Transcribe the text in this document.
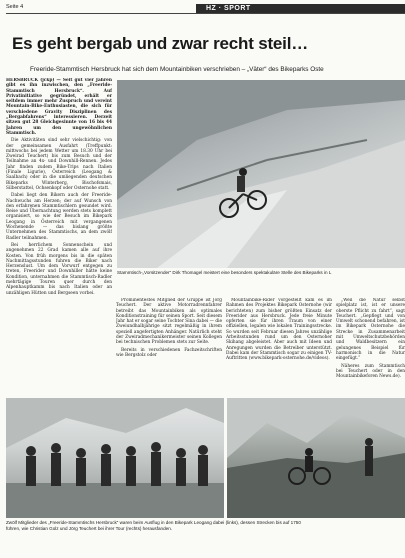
Seite 4	HZ · SPORT
Es geht bergab und zwar recht steil…
Freeride-Stammtisch Hersbruck hat sich dem Mountainbiken verschrieben – „Väter“ des Bikeparks Oste

HERSBRUCK (jckp) — Seit gut vier Jahren gibt es ihn inzwischen, den „Freeride-Stammtisch Hersbruck“. Auf Privatinitiative gegründet, erhält er seitdem immer mehr Zuspruch und vereint Mountain-Bike-Enthusiasten, die sich für verschiedene Gravity Disziplinen des „Bergabfahrens“ interessieren. Derzeit sitzen gut 28 Gleichgesinnte von 16 bis 44 Jahren um den ungewöhnlichen Stammtisch.

Die Aktivitäten sind sehr vielschichtig: von der gemeinsamen Ausfahrt (Treffpunkt: mittwochs bei jedem Wetter um 18.30 Uhr bei Zweirad Teuchert) bis zum Besuch und der Teilnahme an 4x- und Downhill-Rennen. Jedes Jahr finden zudem Bike-Trips nach Italien (Finale Ligurie), Österreich (Leogang & Saalbach) oder in die umliegenden deutschen Bikeparks Winterberg, Bischofsmais, Silberstattel, Ochsenkopf oder Osternohe statt.

Dabei liegt den Bikern auch der Freeride-Nachwuchs am Herzen; der auf Wunsch von den erfahrenen Stammtischlern gesundet wird. Reise und Übernachtung werden stets komplett organisiert, so wie der Besuch im Bikepark Leogang in Österreich mit vergangenen Wochenende — das bislang größte Unternehmen des Stammtischs, an dem zwölf Radler teilnahmen.

Bei herrlichem Sonnenschein und angenehmen 22 Grad kamen alle auf ihre Kosten. Von früh morgens bis in die späten Nachmittagsstunden fuhren die Biker nach Herzenslust. Um dem Vorwurf entgegen zu treten, Freerider und Downhiller hätte keine Kondition, unternahmen die Stammtisch-Radler mehrtägige Touren quer durch den Alpenhauptkamm bis nach Italien oder an unzähligen Hütten und Bergseen vorbei.

Stammtisch-„Vorsitzender“ Dirk Thomagel meistert eine besonders spektakuläre Stelle des Bikeparks in L

Prominentestes Mitglied der Gruppe ist Jörg Teuchert. Der aktive Motorradrennfahrer betreibt das Mountainbiken als optimales Konditionstraining für seinen Sport. Seit diesem Jahr hat er sogar seine Tochter Sina dabei — die Zweiundhalbjährige sitzt regelmäßig in ihrem speziell angefertigten Anhänger. Natürlich steht der Zweiradmechanikermeister seinen Kollegen bei technischen Problemen stets zur Seite.

Bereits in verschiedenen Fachzeitschriften wie Bergstolz oder

Mountainbike-Rider vorgestellt kam es im Rahmen des Projektes Bikepark Osternohe (wir berichteten) zum bisher größten Einsatz der Freerider aus Hersbruck. Jede freie Minute opferten sie für ihren Traum von einer offiziellen, legalen wie lokalen Trainingsstrecke. So wurden seit Februar diesen Jahres unzählige Arbeitsstunden rund um den Osternoher Skihang abgeleistet. Aber auch mit Ideen und Anregungen wurden die Betreiber unterstützt. Dabei kam der Stammtisch sogar zu einigen TV-Auftritten (www.bikepark-osternohe.de/videos).

„Weil die Natur selbst spielplatz ist, ist er unsere oberste Pflicht zu fahrt“, sagt Teuchert. „Gepflegt und von Umwelt schonend befahren, ist im Bikepark Osternohe die Strecke in Zusammenarbeit mit Umweltschutzbehörden und Waldbesitzern ein gelungenes Beispiel für harmonisch in die Natur eingefügt.“

Näheres zum Stammtisch bei Teuchert oder in den Mountainbikeforen News.de).

Zwölf Mitglieder des „Freeride-Stammtischs Hersbruck“ waren beim Ausflug in den Bikepark Leogang dabei (links), dessen Strecken bis auf 1750
führen, wie Christian Golz und Jörg Teuchert bei ihrer Tour (rechts) herausfanden.
